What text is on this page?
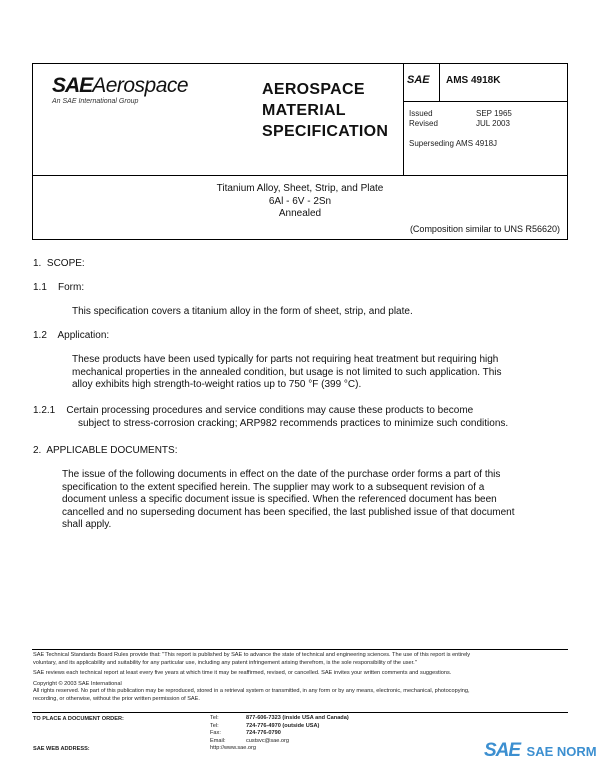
SAEAerospace
An SAE International Group
AEROSPACE
MATERIAL
SPECIFICATION
SAE AMS 4918K
Issued	SEP 1965
Revised	JUL 2003
Superseding AMS 4918J
Titanium Alloy, Sheet, Strip, and Plate
6Al - 6V - 2Sn
Annealed
(Composition similar to UNS R56620)
1.  SCOPE:
1.1    Form:
This specification covers a titanium alloy in the form of sheet, strip, and plate.
1.2    Application:
These products have been used typically for parts not requiring heat treatment but requiring high
mechanical properties in the annealed condition, but usage is not limited to such application. This
alloy exhibits high strength-to-weight ratios up to 750 °F (399 °C).
1.2.1    Certain processing procedures and service conditions may cause these products to become
subject to stress-corrosion cracking; ARP982 recommends practices to minimize such conditions.
2.  APPLICABLE DOCUMENTS:
The issue of the following documents in effect on the date of the purchase order forms a part of this
specification to the extent specified herein. The supplier may work to a subsequent revision of a
document unless a specific document issue is specified. When the referenced document has been
cancelled and no superseding document has been specified, the last published issue of that document
shall apply.
SAE Technical Standards Board Rules provide that: "This report is published by SAE to advance the state of technical and engineering sciences. The use of this report is entirely
voluntary, and its applicability and suitability for any particular use, including any patent infringement arising therefrom, is the sole responsibility of the user."
SAE reviews each technical report at least every five years at which time it may be reaffirmed, revised, or cancelled. SAE invites your written comments and suggestions.
Copyright © 2003 SAE International
All rights reserved. No part of this publication may be reproduced, stored in a retrieval system or transmitted, in any form or by any means, electronic, mechanical, photocopying,
recording, or otherwise, without the prior written permission of SAE.
TO PLACE A DOCUMENT ORDER:
SAE WEB ADDRESS:
Tel:	877-606-7323 (inside USA and Canada)
Tel:	724-776-4970 (outside USA)
Fax:	724-776-0790
Email:	custsvc@sae.org
http://www.sae.org	SAE SAE NORM
